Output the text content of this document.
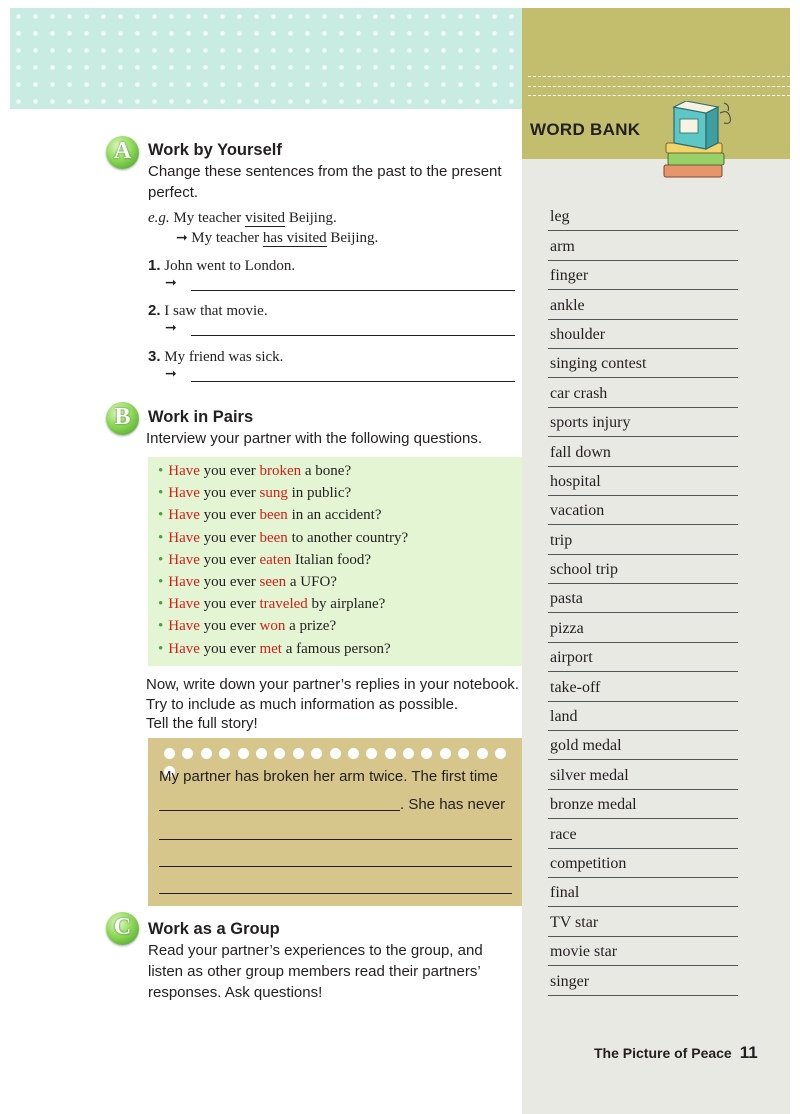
WORD BANK
leg
arm
finger
ankle
shoulder
singing contest
car crash
sports injury
fall down
hospital
vacation
trip
school trip
pasta
pizza
airport
take-off
land
gold medal
silver medal
bronze medal
race
competition
final
TV star
movie star
singer
A	Work by Yourself
Change these sentences from the past to the present
perfect.
e.g. My teacher visited Beijing.
➞ My teacher has visited Beijing.
1. John went to London.
➞
2. I saw that movie.
➞
3. My friend was sick.
➞
B	Work in Pairs
Interview your partner with the following questions.
• Have you ever broken a bone?
• Have you ever sung in public?
• Have you ever been in an accident?
• Have you ever been to another country?
• Have you ever eaten Italian food?
• Have you ever seen a UFO?
• Have you ever traveled by airplane?
• Have you ever won a prize?
• Have you ever met a famous person?
Now, write down your partner’s replies in your notebook.
Try to include as much information as possible.
Tell the full story!
My partner has broken her arm twice. The first time
. She has never
C	Work as a Group
Read your partner’s experiences to the group, and
listen as other group members read their partners’
responses. Ask questions!
The Picture of Peace 11
